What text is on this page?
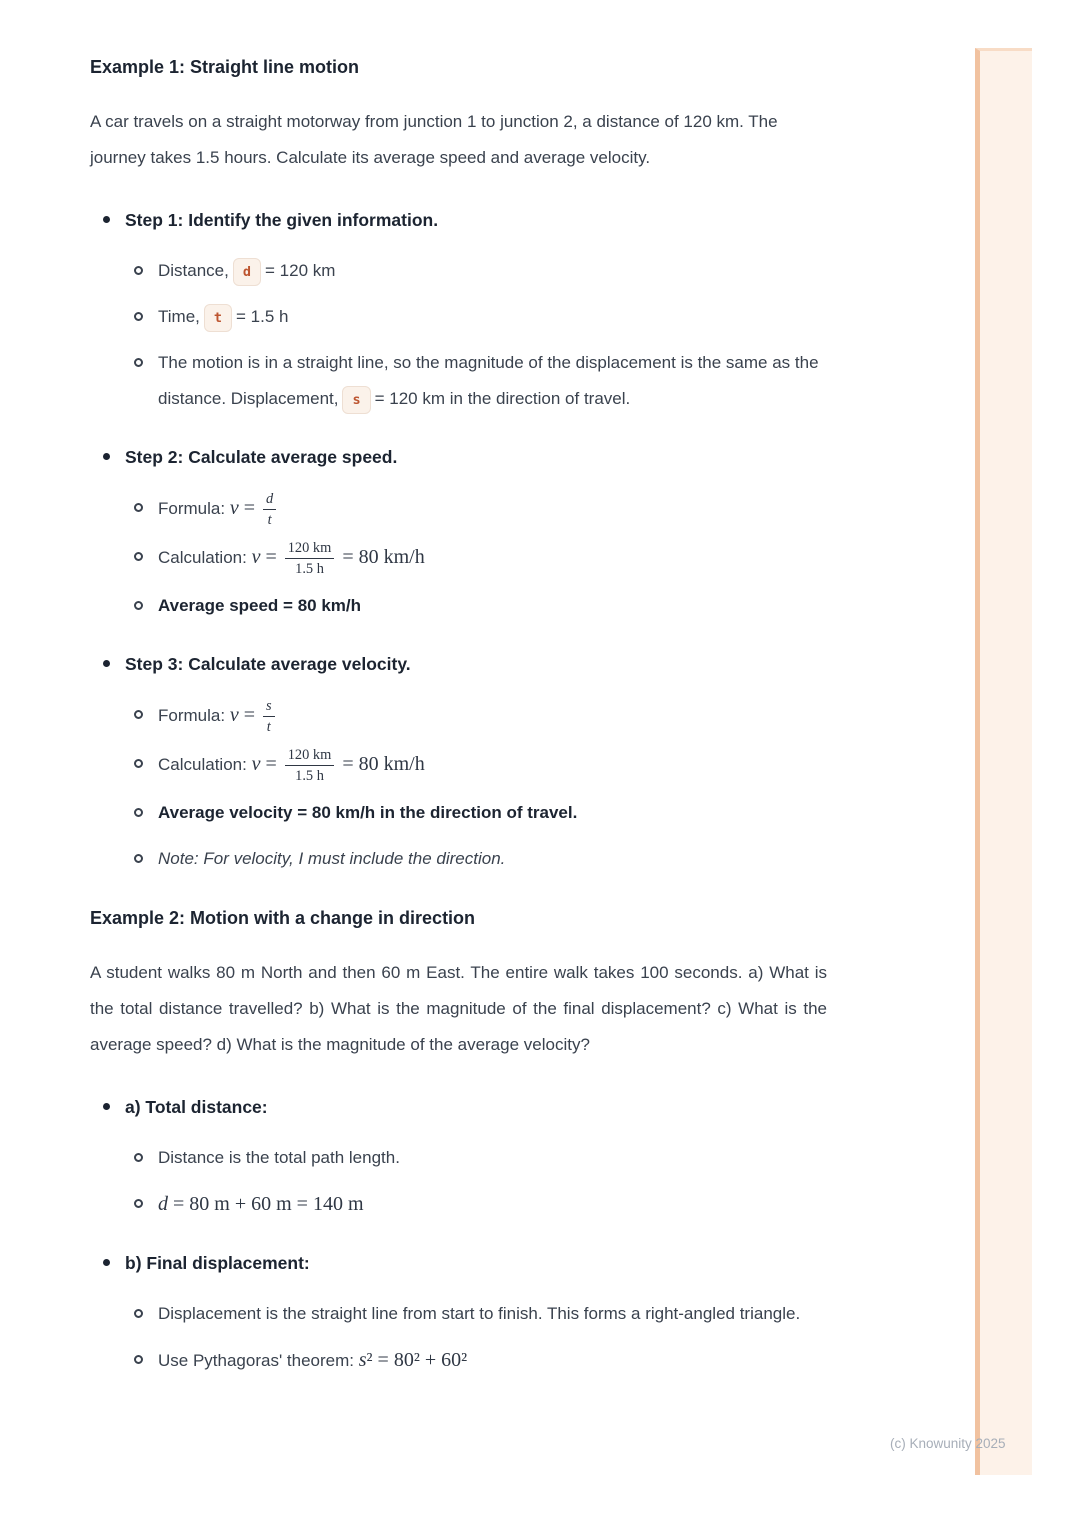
(c) Knowunity 2025
Example 1: Straight line motion

A car travels on a straight motorway from junction 1 to junction 2, a distance of 120 km. The journey takes 1.5 hours. Calculate its average speed and average velocity.

Step 1: Identify the given information.
Distance, d = 120 km
Time, t = 1.5 h
The motion is in a straight line, so the magnitude of the displacement is the same as the distance. Displacement, s = 120 km in the direction of travel.
Step 2: Calculate average speed.
Formula: $v = \frac{d}{t}$
Calculation: $v = \frac{120 km}{1.5 h} = 80$ km/h
Average speed = 80 km/h
Step 3: Calculate average velocity.
Formula: $v = \frac{s}{t}$
Calculation: $v = \frac{120 km}{1.5 h} = 80$ km/h
Average velocity = 80 km/h in the direction of travel.
Note: For velocity, I must include the direction.
Example 2: Motion with a change in direction

A student walks 80 m North and then 60 m East. The entire walk takes 100 seconds. a) What is the total distance travelled? b) What is the magnitude of the final displacement? c) What is the average speed? d) What is the magnitude of the average velocity?

a) Total distance:
Distance is the total path length.
d = 80 m + 60 m = 140 m
b) Final displacement:
Displacement is the straight line from start to finish. This forms a right-angled triangle.
Use Pythagoras' theorem: s² = 80² + 60²
